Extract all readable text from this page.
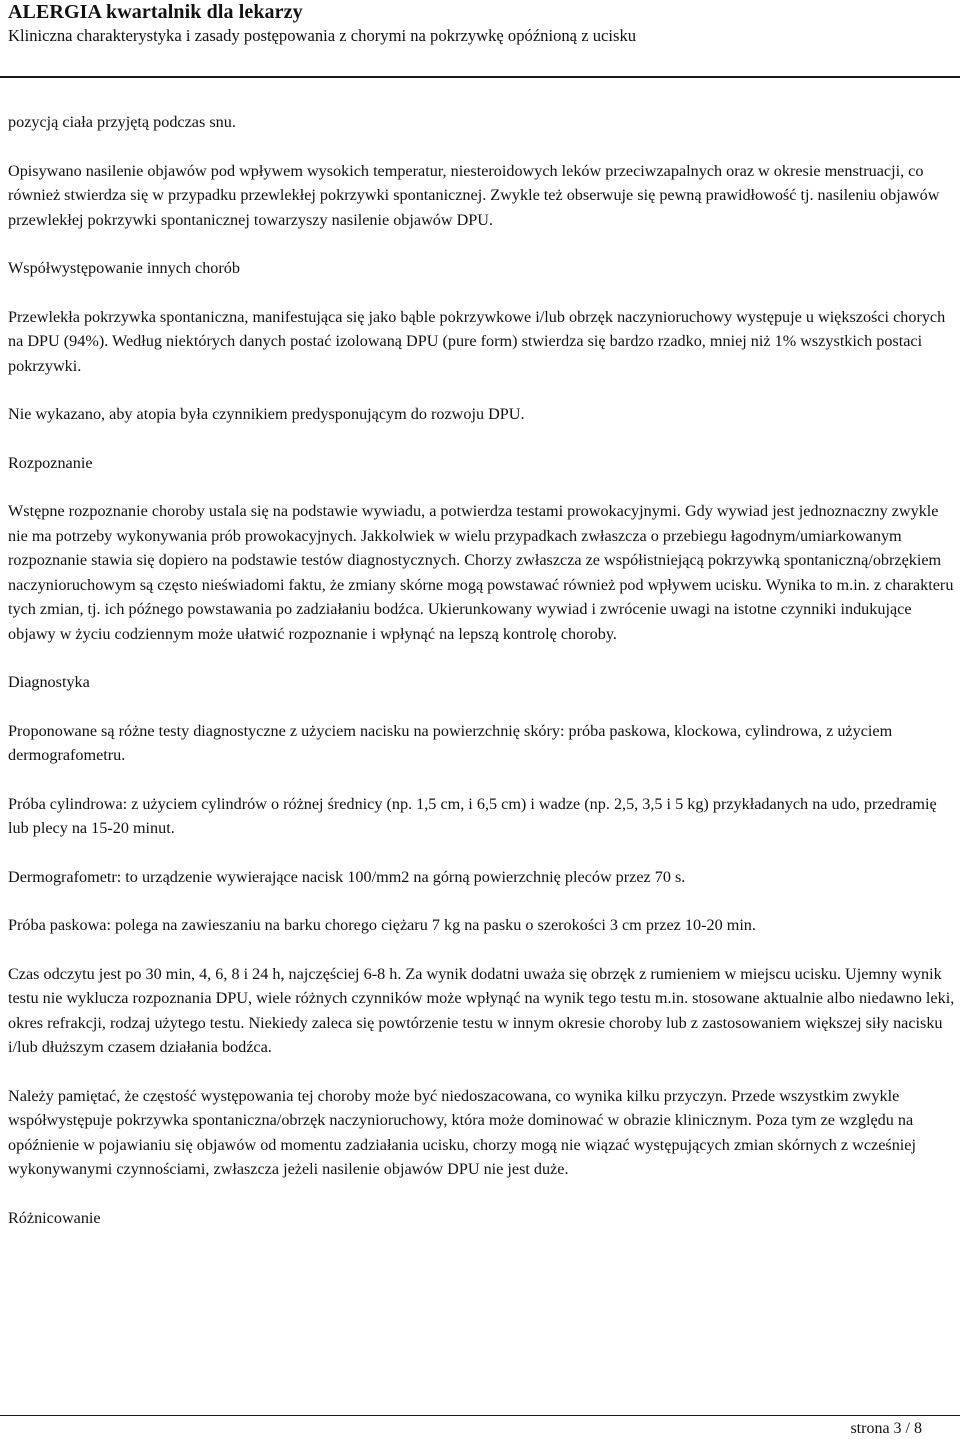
ALERGIA kwartalnik dla lekarzy
Kliniczna charakterystyka i zasady postępowania z chorymi na pokrzywkę opóźnioną z ucisku

pozycją ciała przyjętą podczas snu.

Opisywano nasilenie objawów pod wpływem wysokich temperatur, niesteroidowych leków przeciwzapalnych oraz w okresie menstruacji, co również stwierdza się w przypadku przewlekłej pokrzywki spontanicznej. Zwykle też obserwuje się pewną prawidłowość tj. nasileniu objawów przewlekłej pokrzywki spontanicznej towarzyszy nasilenie objawów DPU.

Współwystępowanie innych chorób

Przewlekła pokrzywka spontaniczna, manifestująca się jako bąble pokrzywkowe i/lub obrzęk naczynioruchowy występuje u większości chorych na DPU (94%). Według niektórych danych postać izolowaną DPU (pure form) stwierdza się bardzo rzadko, mniej niż 1% wszystkich postaci pokrzywki.

Nie wykazano, aby atopia była czynnikiem predysponującym do rozwoju DPU.

Rozpoznanie

Wstępne rozpoznanie choroby ustala się na podstawie wywiadu, a potwierdza testami prowokacyjnymi. Gdy wywiad jest jednoznaczny zwykle nie ma potrzeby wykonywania prób prowokacyjnych. Jakkolwiek w wielu przypadkach zwłaszcza o przebiegu łagodnym/umiarkowanym rozpoznanie stawia się dopiero na podstawie testów diagnostycznych. Chorzy zwłaszcza ze współistniejącą pokrzywką spontaniczną/obrzękiem naczynioruchowym są często nieświadomi faktu, że zmiany skórne mogą powstawać również pod wpływem ucisku. Wynika to m.in. z charakteru tych zmian, tj. ich późnego powstawania po zadziałaniu bodźca. Ukierunkowany wywiad i zwrócenie uwagi na istotne czynniki indukujące objawy w życiu codziennym może ułatwić rozpoznanie i wpłynąć na lepszą kontrolę choroby.

Diagnostyka

Proponowane są różne testy diagnostyczne z użyciem nacisku na powierzchnię skóry: próba paskowa, klockowa, cylindrowa, z użyciem dermografometru.

Próba cylindrowa: z użyciem cylindrów o różnej średnicy (np. 1,5 cm, i 6,5 cm) i wadze (np. 2,5, 3,5 i 5 kg) przykładanych na udo, przedramię lub plecy na 15-20 minut.

Dermografometr: to urządzenie wywierające nacisk 100/mm2 na górną powierzchnię pleców przez 70 s.

Próba paskowa: polega na zawieszaniu na barku chorego ciężaru 7 kg na pasku o szerokości 3 cm przez 10-20 min.

Czas odczytu jest po 30 min, 4, 6, 8 i 24 h, najczęściej 6-8 h. Za wynik dodatni uważa się obrzęk z rumieniem w miejscu ucisku. Ujemny wynik testu nie wyklucza rozpoznania DPU, wiele różnych czynników może wpłynąć na wynik tego testu m.in. stosowane aktualnie albo niedawno leki, okres refrakcji, rodzaj użytego testu. Niekiedy zaleca się powtórzenie testu w innym okresie choroby lub z zastosowaniem większej siły nacisku i/lub dłuższym czasem działania bodźca.

Należy pamiętać, że częstość występowania tej choroby może być niedoszacowana, co wynika kilku przyczyn. Przede wszystkim zwykle współwystępuje pokrzywka spontaniczna/obrzęk naczynioruchowy, która może dominować w obrazie klinicznym. Poza tym ze względu na opóźnienie w pojawianiu się objawów od momentu zadziałania ucisku, chorzy mogą nie wiązać występujących zmian skórnych z wcześniej wykonywanymi czynnościami, zwłaszcza jeżeli nasilenie objawów DPU nie jest duże.

Różnicowanie

strona 3 / 8
